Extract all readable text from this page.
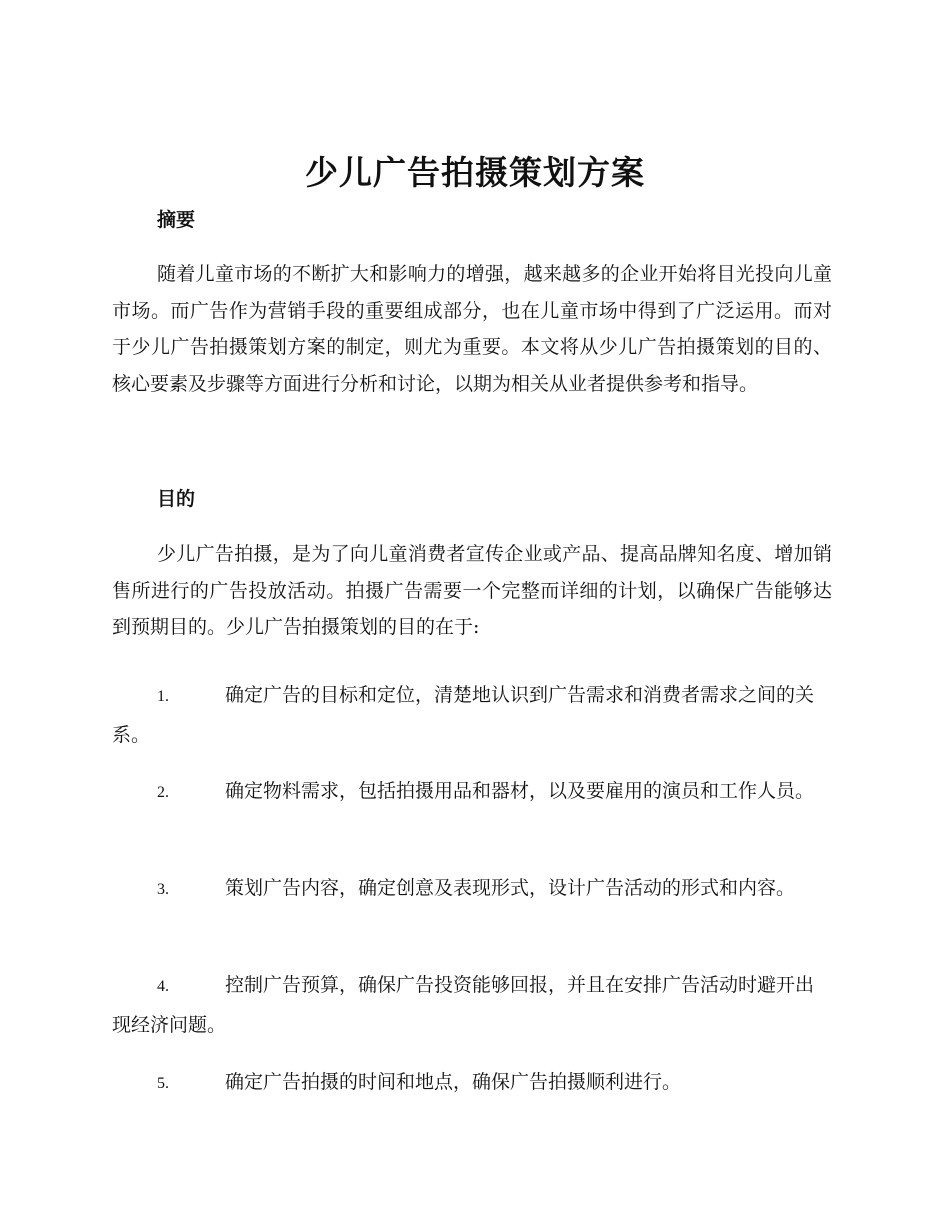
少儿广告拍摄策划方案
摘要

随着儿童市场的不断扩大和影响力的增强，越来越多的企业开始将目光投向儿童市场。而广告作为营销手段的重要组成部分，也在儿童市场中得到了广泛运用。而对于少儿广告拍摄策划方案的制定，则尤为重要。本文将从少儿广告拍摄策划的目的、核心要素及步骤等方面进行分析和讨论，以期为相关从业者提供参考和指导。

目的

少儿广告拍摄，是为了向儿童消费者宣传企业或产品、提高品牌知名度、增加销售所进行的广告投放活动。拍摄广告需要一个完整而详细的计划，以确保广告能够达到预期目的。少儿广告拍摄策划的目的在于:

1.	确定广告的目标和定位，清楚地认识到广告需求和消费者需求之间的关系。

2.	确定物料需求，包括拍摄用品和器材，以及要雇用的演员和工作人员。

3.	策划广告内容，确定创意及表现形式，设计广告活动的形式和内容。

4.	控制广告预算，确保广告投资能够回报，并且在安排广告活动时避开出现经济问题。

5.	确定广告拍摄的时间和地点，确保广告拍摄顺利进行。
